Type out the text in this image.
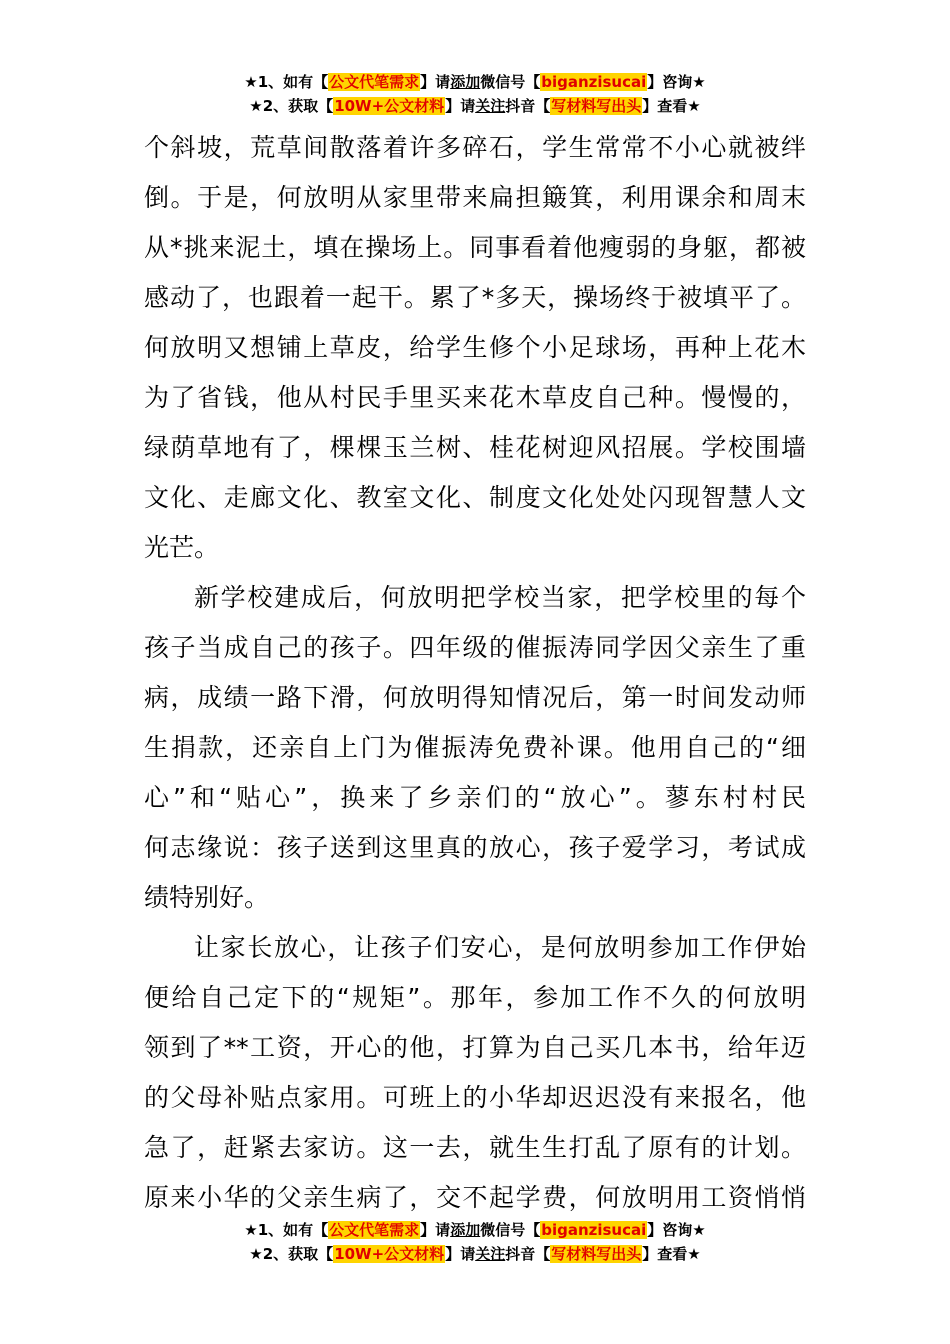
★1、如有【公文代笔需求】请添加微信号【biganzisucai】咨询★
★2、获取【10W+公文材料】请关注抖音【写材料写出头】查看★
个斜坡，荒草间散落着许多碎石，学生常常不小心就被绊
倒。于是，何放明从家里带来扁担簸箕，利用课余和周末
从*挑来泥土，填在操场上。同事看着他瘦弱的身躯，都被
感动了，也跟着一起干。累了*多天，操场终于被填平了。
何放明又想铺上草皮，给学生修个小足球场，再种上花木
为了省钱，他从村民手里买来花木草皮自己种。慢慢的，
绿荫草地有了，棵棵玉兰树、桂花树迎风招展。学校围墙
文化、走廊文化、教室文化、制度文化处处闪现智慧人文
光芒。
新学校建成后，何放明把学校当家，把学校里的每个
孩子当成自己的孩子。四年级的催振涛同学因父亲生了重
病，成绩一路下滑，何放明得知情况后，第一时间发动师
生捐款，还亲自上门为催振涛免费补课。他用自己的“细
心”和“贴心”，换来了乡亲们的“放心”。蓼东村村民
何志缘说：孩子送到这里真的放心，孩子爱学习，考试成
绩特别好。
让家长放心，让孩子们安心，是何放明参加工作伊始
便给自己定下的“规矩”。那年，参加工作不久的何放明
领到了**工资，开心的他，打算为自己买几本书，给年迈
的父母补贴点家用。可班上的小华却迟迟没有来报名，他
急了，赶紧去家访。这一去，就生生打乱了原有的计划。
原来小华的父亲生病了，交不起学费，何放明用工资悄悄
★1、如有【公文代笔需求】请添加微信号【biganzisucai】咨询★
★2、获取【10W+公文材料】请关注抖音【写材料写出头】查看★
